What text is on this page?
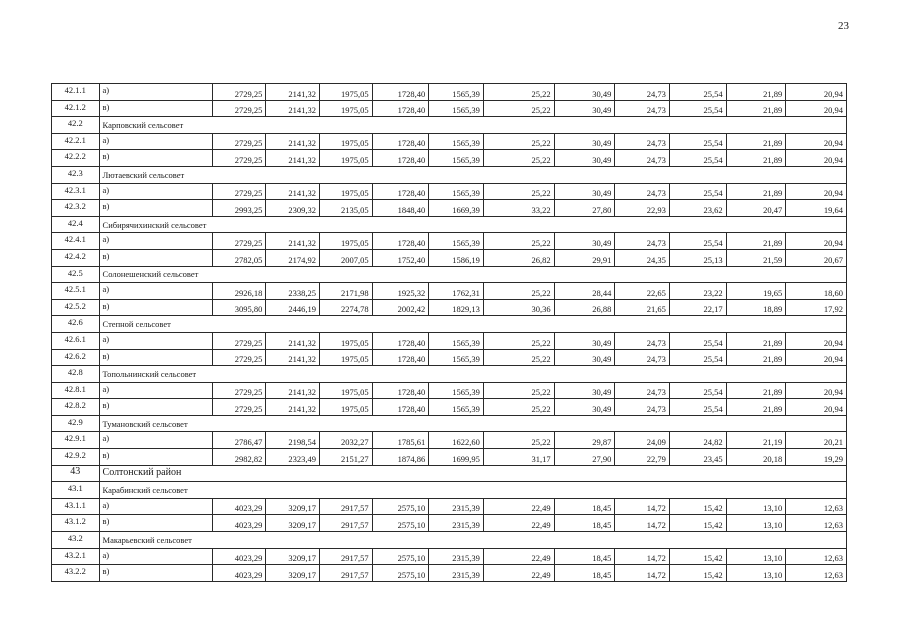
23
42.1.1	а)	2729,25	2141,32	1975,05	1728,40	1565,39	25,22	30,49	24,73	25,54	21,89	20,94
42.1.2	в)	2729,25	2141,32	1975,05	1728,40	1565,39	25,22	30,49	24,73	25,54	21,89	20,94
42.2	Карповский сельсовет											
42.2.1	а)	2729,25	2141,32	1975,05	1728,40	1565,39	25,22	30,49	24,73	25,54	21,89	20,94
42.2.2	в)	2729,25	2141,32	1975,05	1728,40	1565,39	25,22	30,49	24,73	25,54	21,89	20,94
42.3	Лютаевский сельсовет											
42.3.1	а)	2729,25	2141,32	1975,05	1728,40	1565,39	25,22	30,49	24,73	25,54	21,89	20,94
42.3.2	в)	2993,25	2309,32	2135,05	1848,40	1669,39	33,22	27,80	22,93	23,62	20,47	19,64
42.4	Сибирячихинский сельсовет											
42.4.1	а)	2729,25	2141,32	1975,05	1728,40	1565,39	25,22	30,49	24,73	25,54	21,89	20,94
42.4.2	в)	2782,05	2174,92	2007,05	1752,40	1586,19	26,82	29,91	24,35	25,13	21,59	20,67
42.5	Солонешенский сельсовет											
42.5.1	а)	2926,18	2338,25	2171,98	1925,32	1762,31	25,22	28,44	22,65	23,22	19,65	18,60
42.5.2	в)	3095,80	2446,19	2274,78	2002,42	1829,13	30,36	26,88	21,65	22,17	18,89	17,92
42.6	Степной сельсовет											
42.6.1	а)	2729,25	2141,32	1975,05	1728,40	1565,39	25,22	30,49	24,73	25,54	21,89	20,94
42.6.2	в)	2729,25	2141,32	1975,05	1728,40	1565,39	25,22	30,49	24,73	25,54	21,89	20,94
42.8	Топольнинский сельсовет											
42.8.1	а)	2729,25	2141,32	1975,05	1728,40	1565,39	25,22	30,49	24,73	25,54	21,89	20,94
42.8.2	в)	2729,25	2141,32	1975,05	1728,40	1565,39	25,22	30,49	24,73	25,54	21,89	20,94
42.9	Тумановский сельсовет											
42.9.1	а)	2786,47	2198,54	2032,27	1785,61	1622,60	25,22	29,87	24,09	24,82	21,19	20,21
42.9.2	в)	2982,82	2323,49	2151,27	1874,86	1699,95	31,17	27,90	22,79	23,45	20,18	19,29
43	Солтонский район											
43.1	Карабинский сельсовет											
43.1.1	а)	4023,29	3209,17	2917,57	2575,10	2315,39	22,49	18,45	14,72	15,42	13,10	12,63
43.1.2	в)	4023,29	3209,17	2917,57	2575,10	2315,39	22,49	18,45	14,72	15,42	13,10	12,63
43.2	Макарьевский сельсовет											
43.2.1	а)	4023,29	3209,17	2917,57	2575,10	2315,39	22,49	18,45	14,72	15,42	13,10	12,63
43.2.2	в)	4023,29	3209,17	2917,57	2575,10	2315,39	22,49	18,45	14,72	15,42	13,10	12,63
